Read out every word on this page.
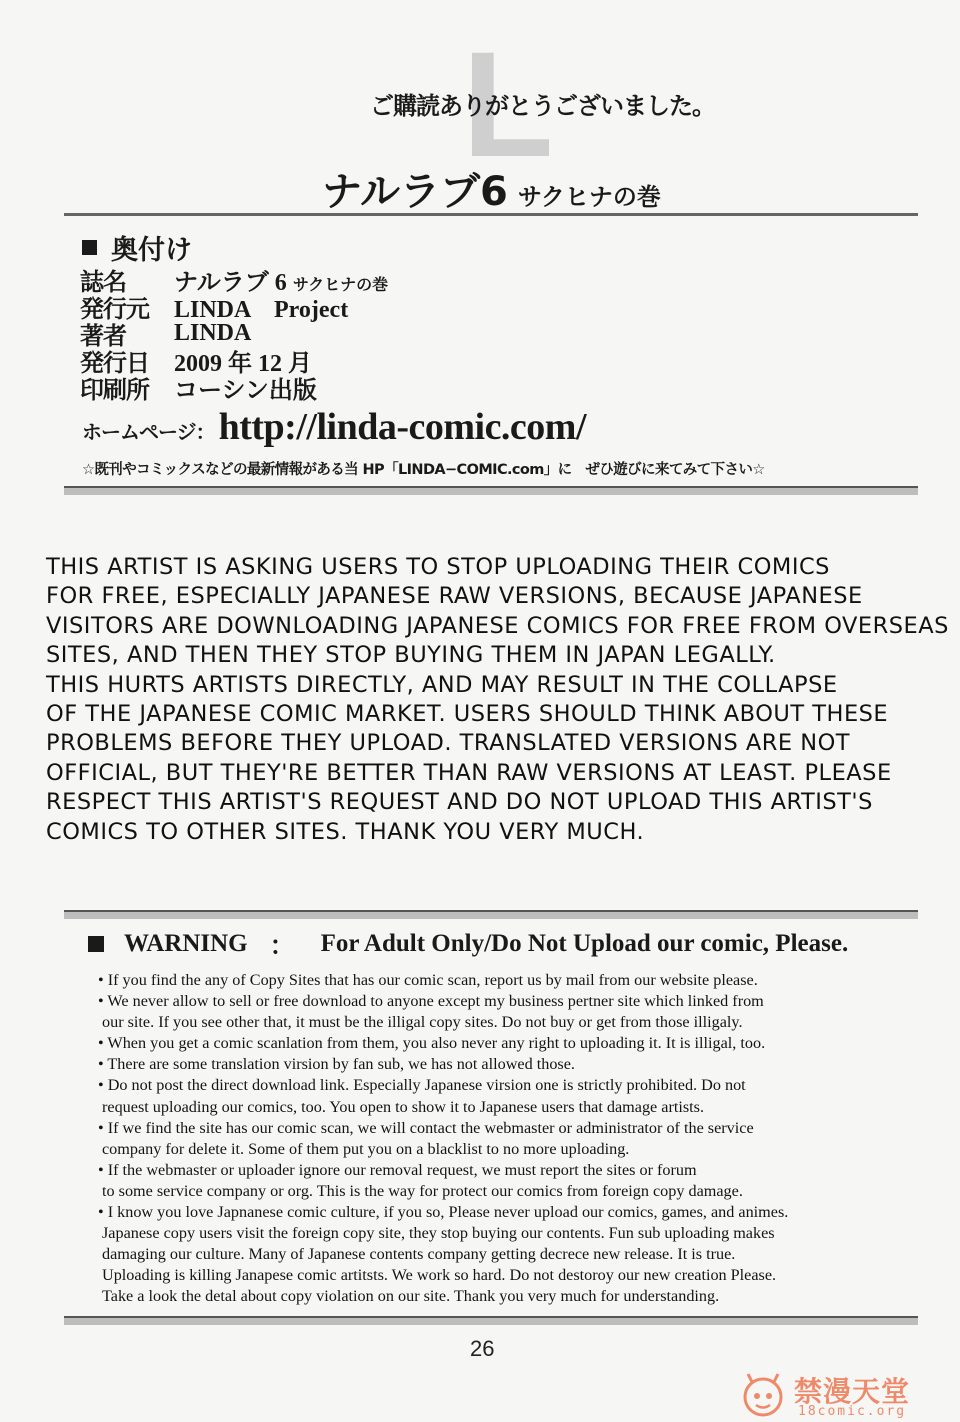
L
ご購読ありがとうございました。
ナルラブ6 サクヒナの巻
奥付け
誌名	ナルラブ 6 サクヒナの巻
発行元	LINDA　Project
著者	LINDA
発行日	2009 年 12 月
印刷所	コーシン出版
ホームページ： http://linda-comic.com/
☆既刊やコミックスなどの最新情報がある当 HP「LINDA−COMIC.com」に　ぜひ遊びに来てみて下さい☆
THIS ARTIST IS ASKING USERS TO STOP UPLOADING THEIR COMICS
FOR FREE, ESPECIALLY JAPANESE RAW VERSIONS, BECAUSE JAPANESE
VISITORS ARE DOWNLOADING JAPANESE COMICS FOR FREE FROM OVERSEAS
SITES, AND THEN THEY STOP BUYING THEM IN JAPAN LEGALLY.
THIS HURTS ARTISTS DIRECTLY, AND MAY RESULT IN THE COLLAPSE
OF THE JAPANESE COMIC MARKET. USERS SHOULD THINK ABOUT THESE
PROBLEMS BEFORE THEY UPLOAD. TRANSLATED VERSIONS ARE NOT
OFFICIAL, BUT THEY'RE BETTER THAN RAW VERSIONS AT LEAST. PLEASE
RESPECT THIS ARTIST'S REQUEST AND DO NOT UPLOAD THIS ARTIST'S
COMICS TO OTHER SITES. THANK YOU VERY MUCH.
WARNING ： For Adult Only/Do Not Upload our comic, Please.
• If you find the any of Copy Sites that has our comic scan, report us by mail from our website please.
• We never allow to sell or free download to anyone except my business pertner site which linked from
our site. If you see other that, it must be the illigal copy sites. Do not buy or get from those illigaly.
• When you get a comic scanlation from them, you also never any right to uploading it. It is illigal, too.
• There are some translation virsion by fan sub, we has not allowed those.
• Do not post the direct download link. Especially Japanese virsion one is strictly prohibited. Do not
request uploading our comics, too. You open to show it to Japanese users that damage artists.
• If we find the site has our comic scan, we will contact the webmaster or administrator of the service
company for delete it. Some of them put you on a blacklist to no more uploading.
• If the webmaster or uploader ignore our removal request, we must report the sites or forum
to some service company or org. This is the way for protect our comics from foreign copy damage.
• I know you love Japnanese comic culture, if you so, Please never upload our comics, games, and animes.
Japanese copy users visit the foreign copy site, they stop buying our contents. Fun sub uploading makes
damaging our culture. Many of Japanese contents company getting decrece new release. It is true.
Uploading is killing Janapese comic artitsts. We work so hard. Do not destoroy our new creation Please.
Take a look the detal about copy violation on our site. Thank you very much for understanding.
26
禁漫天堂
18comic.org
